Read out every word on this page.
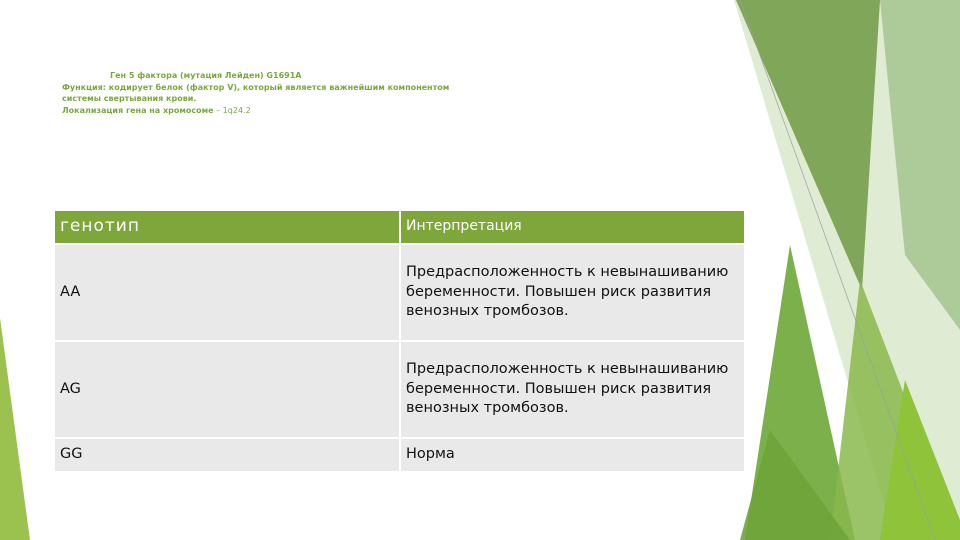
Ген 5 фактора (мутация Лейден) G1691A
Функция: кодирует белок (фактор V), который является важнейшим компонентом системы свертывания крови.
Локализация гена на хромосоме – 1q24.2
генотип	Интерпретация
AA	Предрасположенность к невынашиванию беременности. Повышен риск развития венозных тромбозов.
AG	Предрасположенность к невынашиванию беременности. Повышен риск развития венозных тромбозов.
GG	Норма
